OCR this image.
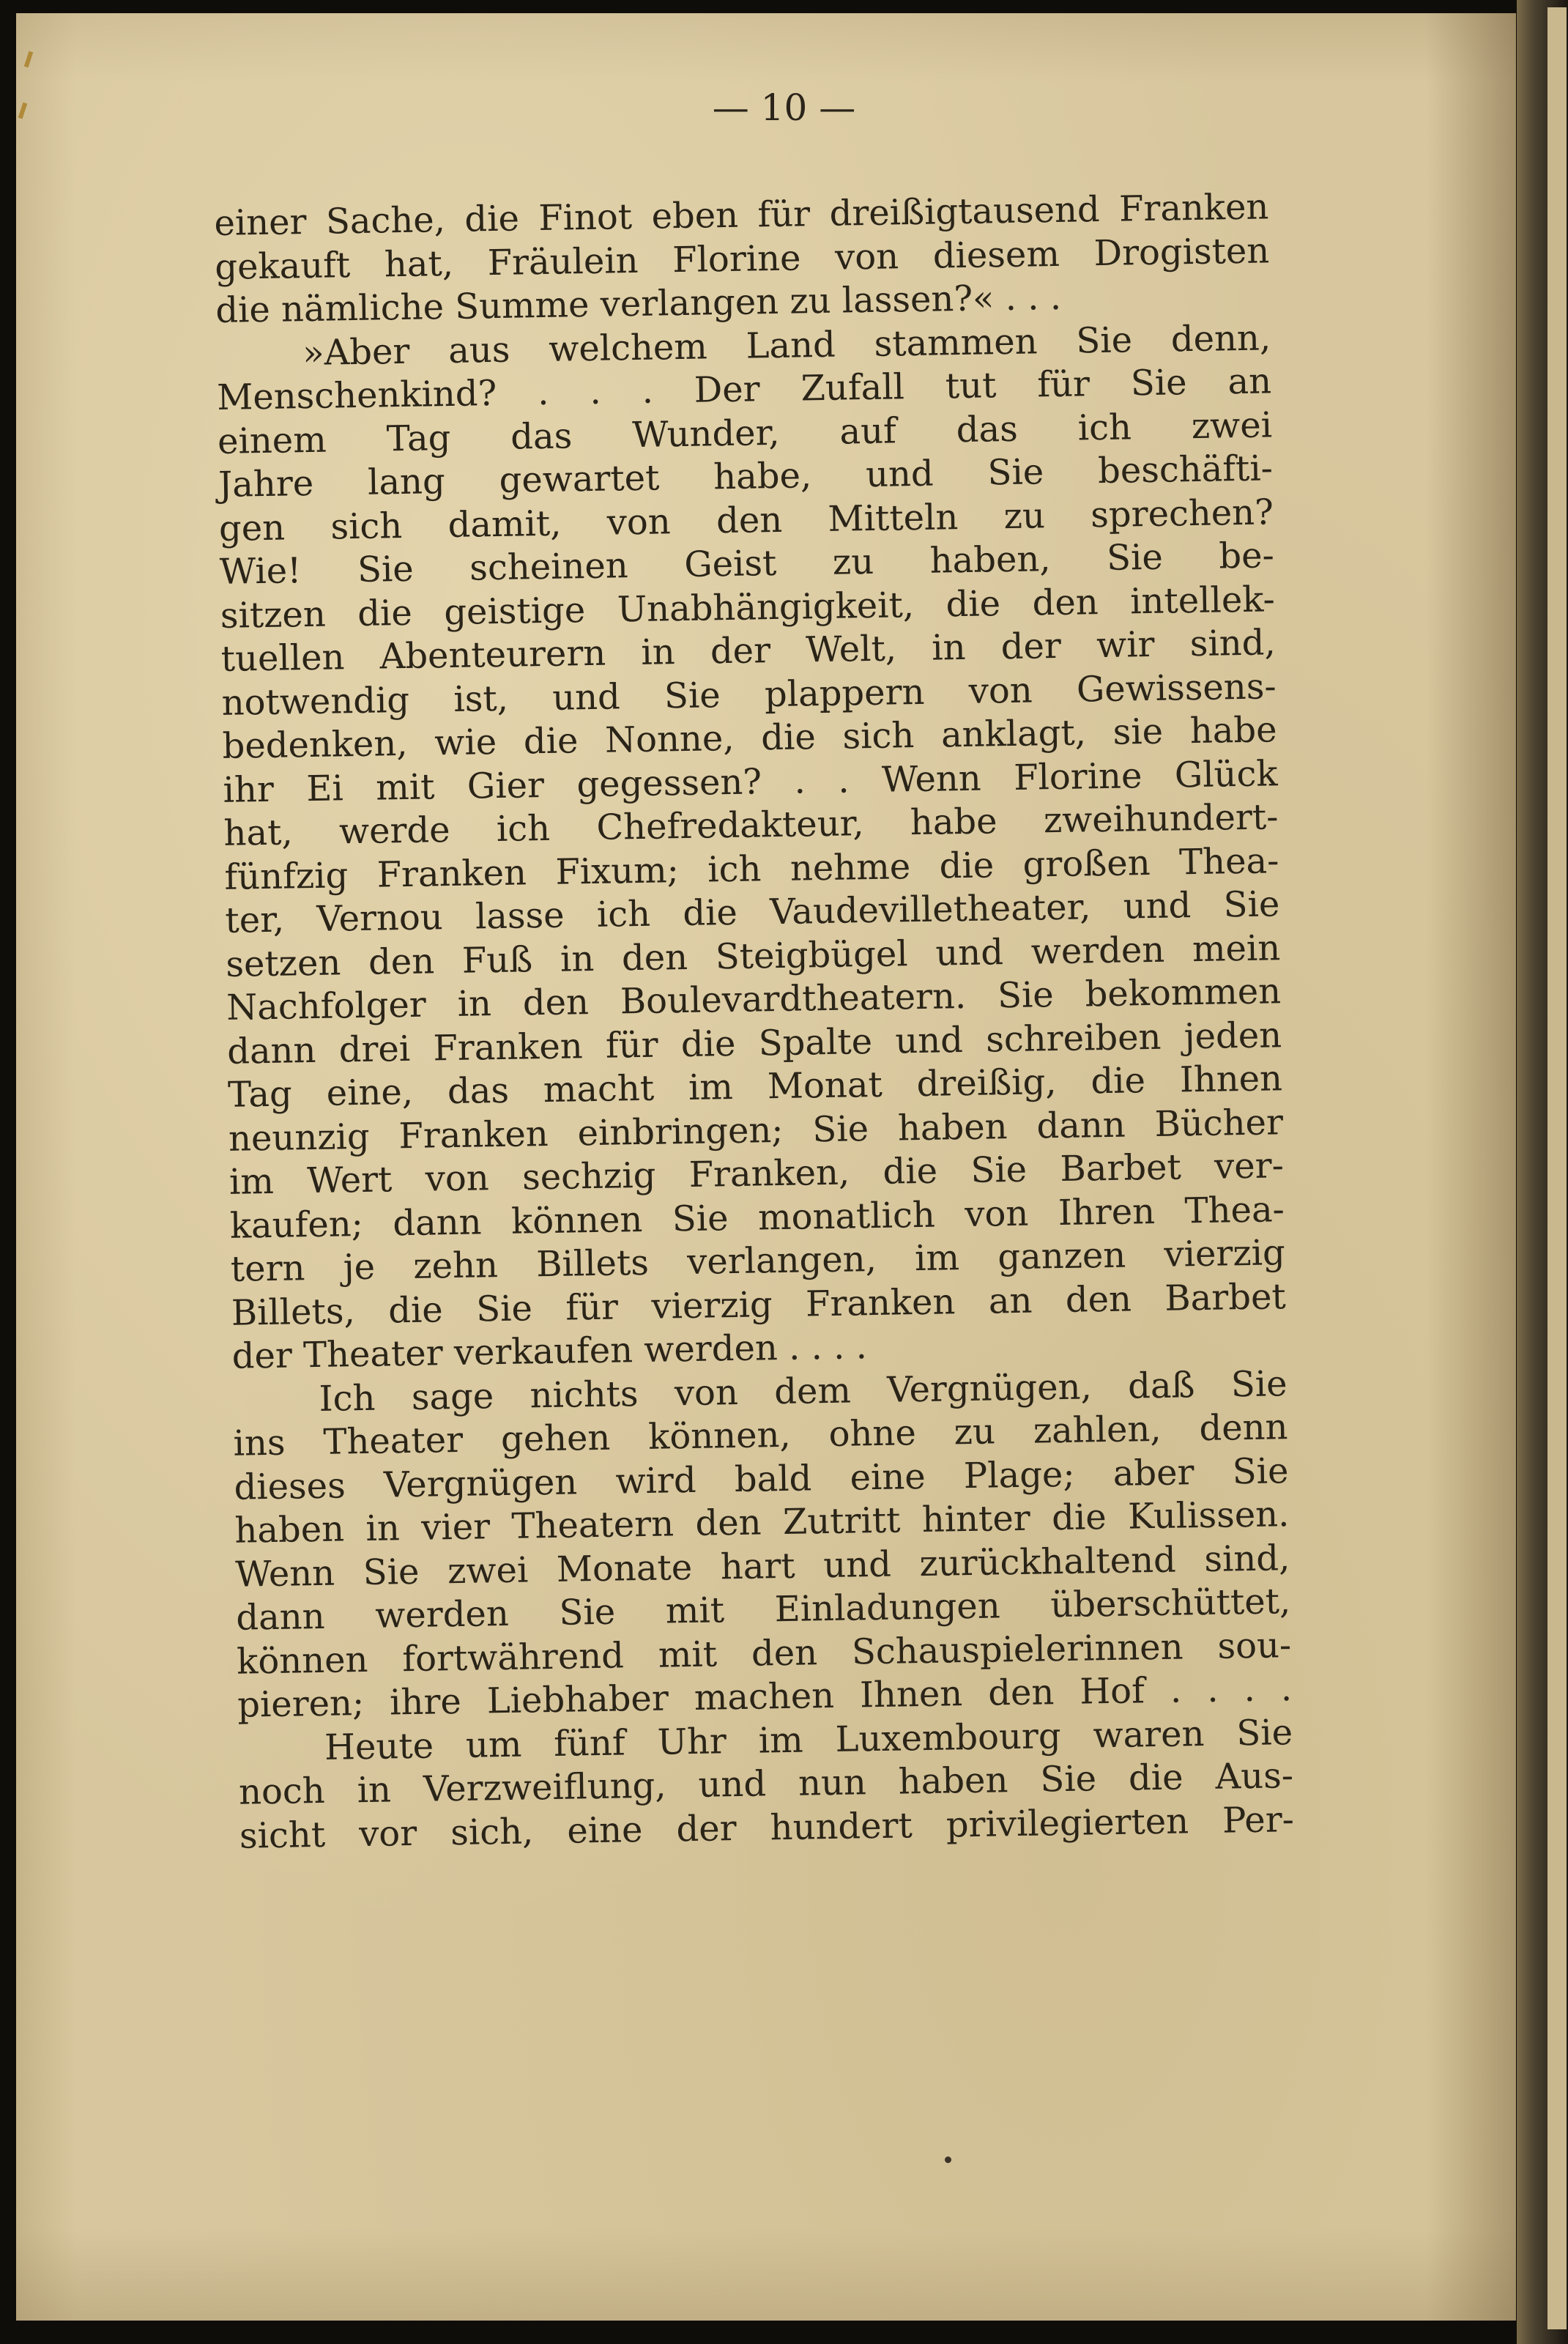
— 10 —
einer Sache, die Finot eben für dreißigtausend Franken
gekauft hat, Fräulein Florine von diesem Drogisten
die nämliche Summe verlangen zu lassen?« . . .
»Aber aus welchem Land stammen Sie denn,
Menschenkind? . . . Der Zufall tut für Sie an
einem Tag das Wunder, auf das ich zwei
Jahre lang gewartet habe, und Sie beschäfti-
gen sich damit, von den Mitteln zu sprechen?
Wie! Sie scheinen Geist zu haben, Sie be-
sitzen die geistige Unabhängigkeit, die den intellek-
tuellen Abenteurern in der Welt, in der wir sind,
notwendig ist, und Sie plappern von Gewissens-
bedenken, wie die Nonne, die sich anklagt, sie habe
ihr Ei mit Gier gegessen? . . Wenn Florine Glück
hat, werde ich Chefredakteur, habe zweihundert-
fünfzig Franken Fixum; ich nehme die großen Thea-
ter, Vernou lasse ich die Vaudevilletheater, und Sie
setzen den Fuß in den Steigbügel und werden mein
Nachfolger in den Boulevardtheatern. Sie bekommen
dann drei Franken für die Spalte und schreiben jeden
Tag eine, das macht im Monat dreißig, die Ihnen
neunzig Franken einbringen; Sie haben dann Bücher
im Wert von sechzig Franken, die Sie Barbet ver-
kaufen; dann können Sie monatlich von Ihren Thea-
tern je zehn Billets verlangen, im ganzen vierzig
Billets, die Sie für vierzig Franken an den Barbet
der Theater verkaufen werden . . . .
Ich sage nichts von dem Vergnügen, daß Sie
ins Theater gehen können, ohne zu zahlen, denn
dieses Vergnügen wird bald eine Plage; aber Sie
haben in vier Theatern den Zutritt hinter die Kulissen.
Wenn Sie zwei Monate hart und zurückhaltend sind,
dann werden Sie mit Einladungen überschüttet,
können fortwährend mit den Schauspielerinnen sou-
pieren; ihre Liebhaber machen Ihnen den Hof . . . .
Heute um fünf Uhr im Luxembourg waren Sie
noch in Verzweiflung, und nun haben Sie die Aus-
sicht vor sich, eine der hundert privilegierten Per-
